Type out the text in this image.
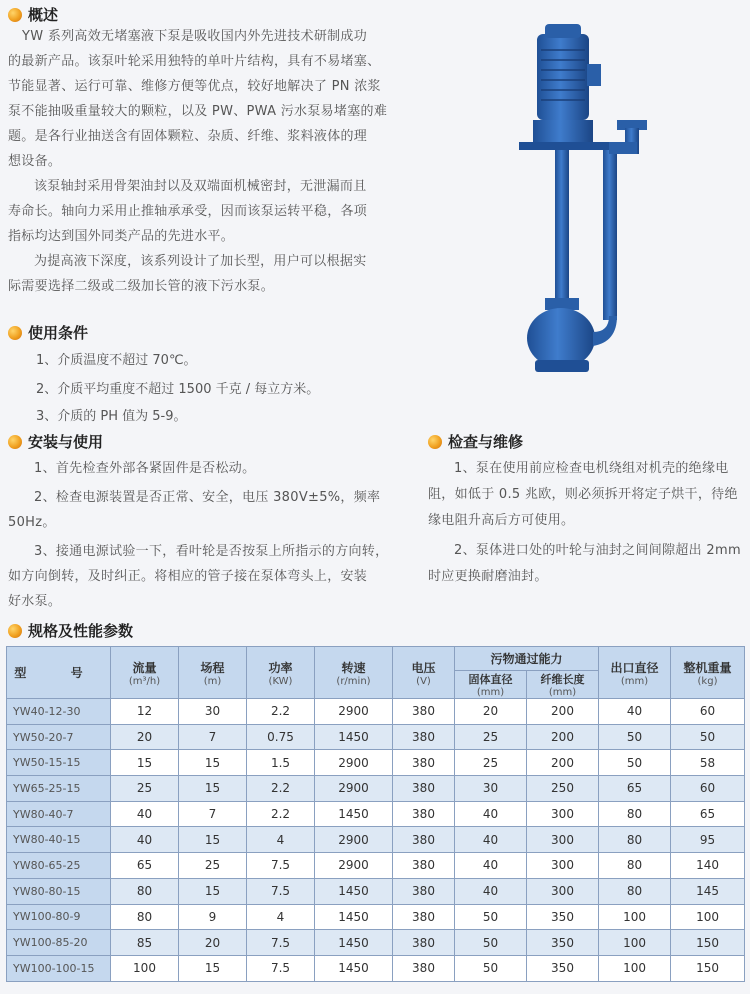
概述

YW 系列高效无堵塞液下泵是吸收国内外先进技术研制成功

的最新产品。该泵叶轮采用独特的单叶片结构，具有不易堵塞、

节能显著、运行可靠、维修方便等优点，较好地解决了 PN 浓浆

泵不能抽吸重量较大的颗粒，以及 PW、PWA 污水泵易堵塞的难

题。是各行业抽送含有固体颗粒、杂质、纤维、浆料液体的理

想设备。

该泵轴封采用骨架油封以及双端面机械密封，无泄漏而且

寿命长。轴向力采用止推轴承承受，因而该泵运转平稳，各项

指标均达到国外同类产品的先进水平。

为提高液下深度，该系列设计了加长型，用户可以根据实

际需要选择二级或二级加长管的液下污水泵。

使用条件
1、介质温度不超过 70℃。
2、介质平均重度不超过 1500 千克 / 每立方米。
3、介质的 PH 值为 5-9。
安装与使用

1、首先检查外部各紧固件是否松动。

2、检查电源装置是否正常、安全，电压 380V±5%，频率

50Hz。

3、接通电源试验一下，看叶轮是否按泵上所指示的方向转，

如方向倒转，及时纠正。将相应的管子接在泵体弯头上，安装

好水泵。

检查与维修

1、泵在使用前应检查电机绕组对机壳的绝缘电

阻，如低于 0.5 兆欧，则必须拆开将定子烘干，待绝

缘电阻升高后方可使用。

2、泵体进口处的叶轮与油封之间间隙超出 2mm

时应更换耐磨油封。

规格及性能参数
型 号	流量
(m³/h)	场程
(m)	功率
(KW)	转速
(r/min)	电压
(V)	污物通过能力		出口直径
(mm)	整机重量
(kg)

						固体直径
(mm)	纤维长度
(mm)		

YW40-12-30	12	30	2.2	2900	380	20	200	40	60
YW50-20-7	20	7	0.75	1450	380	25	200	50	50
YW50-15-15	15	15	1.5	2900	380	25	200	50	58
YW65-25-15	25	15	2.2	2900	380	30	250	65	60
YW80-40-7	40	7	2.2	1450	380	40	300	80	65
YW80-40-15	40	15	4	2900	380	40	300	80	95
YW80-65-25	65	25	7.5	2900	380	40	300	80	140
YW80-80-15	80	15	7.5	1450	380	40	300	80	145
YW100-80-9	80	9	4	1450	380	50	350	100	100
YW100-85-20	85	20	7.5	1450	380	50	350	100	150
YW100-100-15	100	15	7.5	1450	380	50	350	100	150
